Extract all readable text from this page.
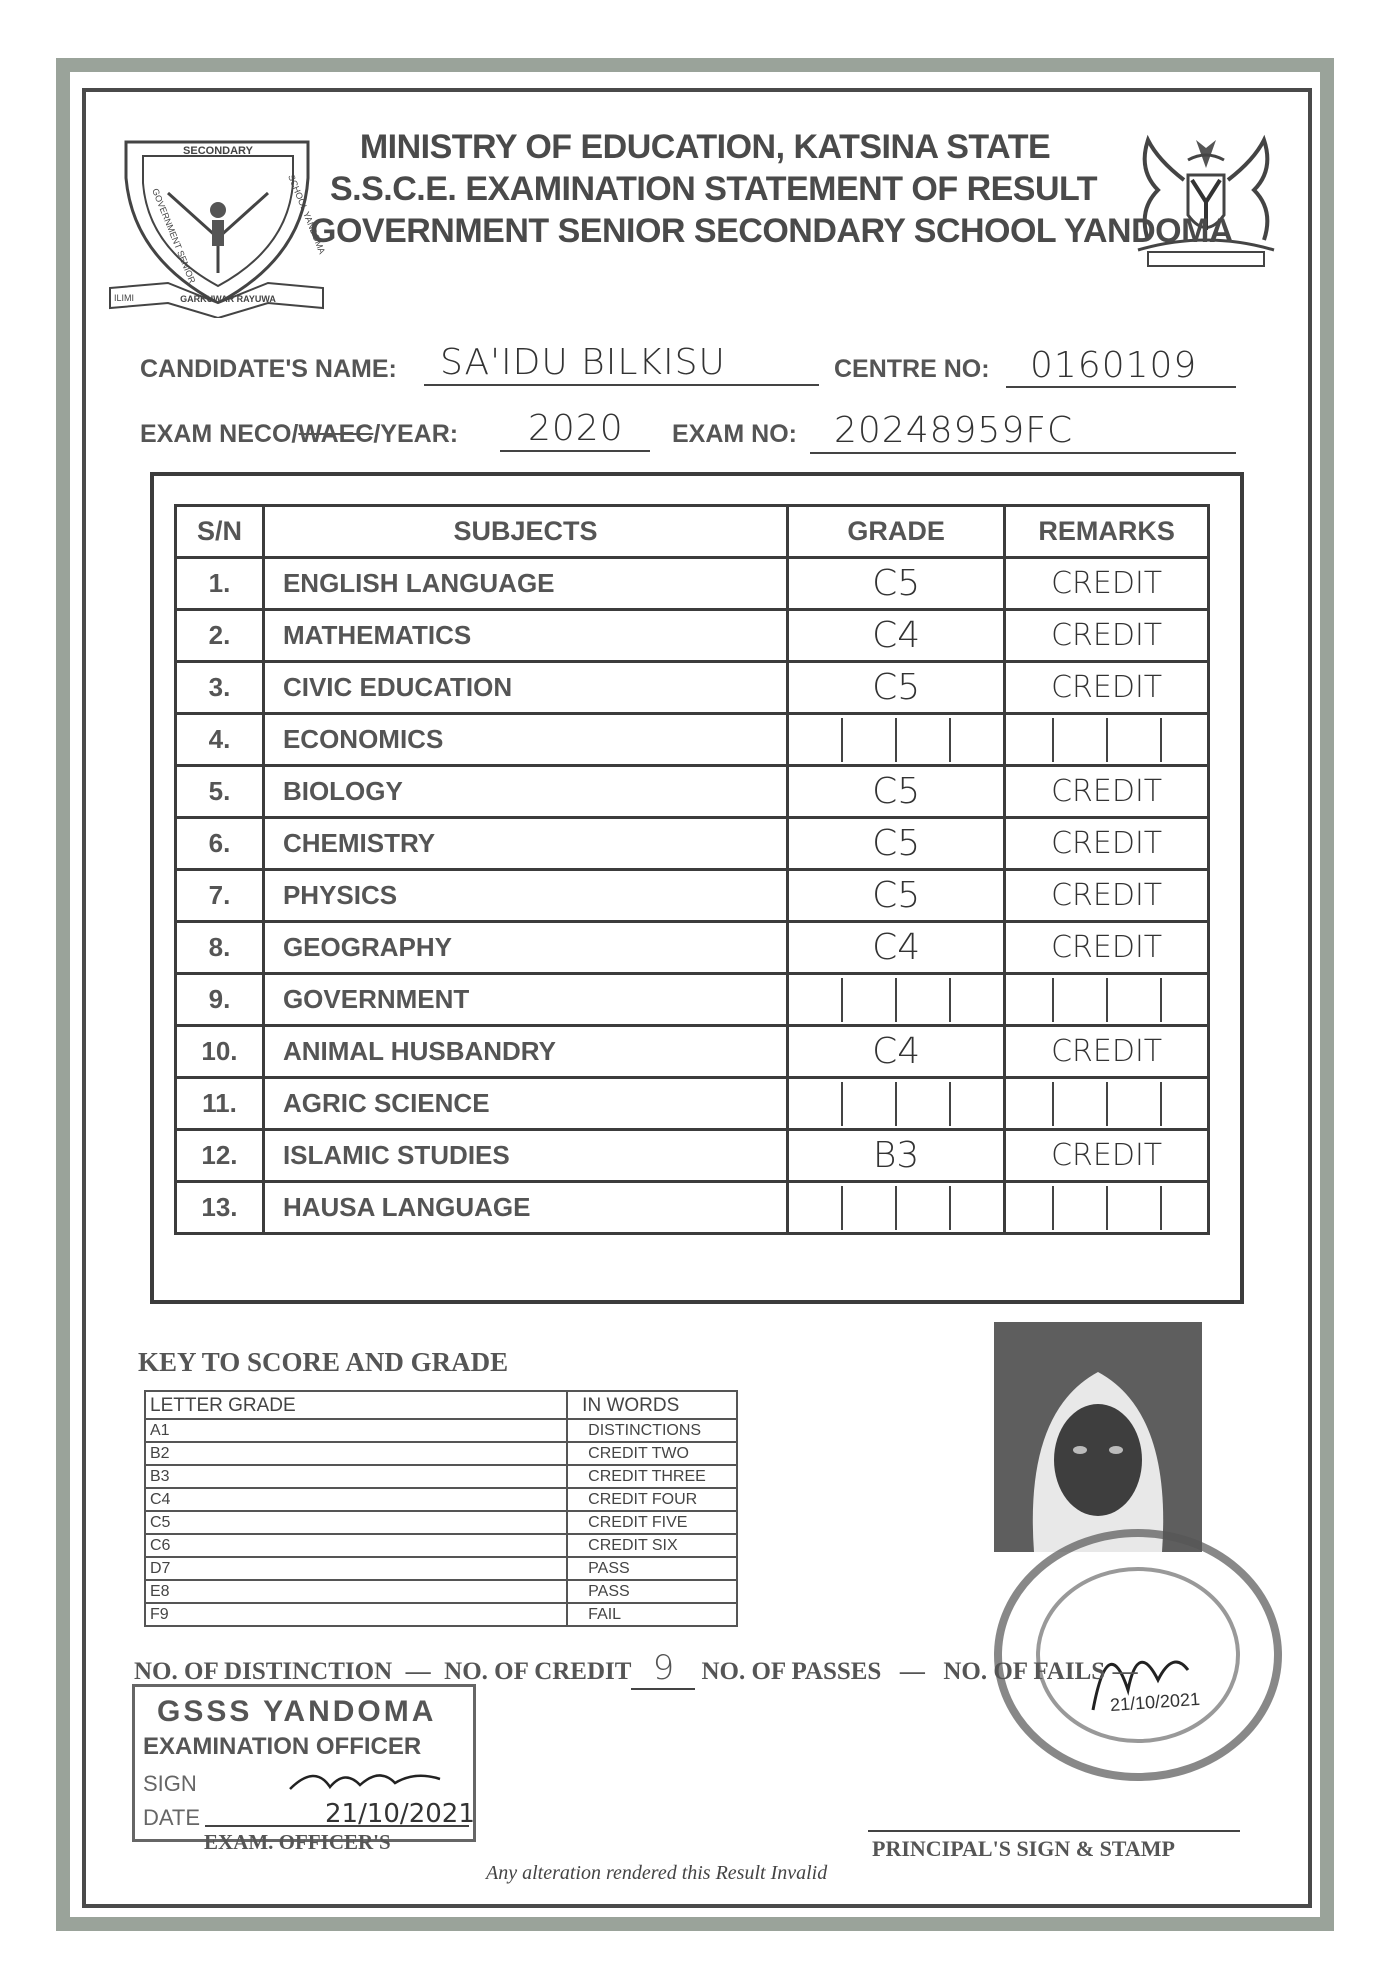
SECONDARY
ILIMI	GARKUWAR RAYUWA
GOVERNMENT SENIOR	SCHOOL YANDOMA
MINISTRY OF EDUCATION, KATSINA STATE
S.S.C.E. EXAMINATION STATEMENT OF RESULT
GOVERNMENT SENIOR SECONDARY SCHOOL YANDOMA
CANDIDATE'S NAME: SA'IDU BILKISU	CENTRE NO: 0160109
EXAM NECO/WAEC/YEAR: 2020 EXAM NO: 20248959FC
S/N	SUBJECTS	GRADE	REMARKS
1.	ENGLISH LANGUAGE	C5	CREDIT
2.	MATHEMATICS	C4	CREDIT
3.	CIVIC EDUCATION	C5	CREDIT
4.	ECONOMICS		
5.	BIOLOGY	C5	CREDIT
6.	CHEMISTRY	C5	CREDIT
7.	PHYSICS	C5	CREDIT
8.	GEOGRAPHY	C4	CREDIT
9.	GOVERNMENT		
10.	ANIMAL HUSBANDRY	C4	CREDIT
11.	AGRIC SCIENCE		
12.	ISLAMIC STUDIES	B3	CREDIT
13.	HAUSA LANGUAGE		
KEY TO SCORE AND GRADE
LETTER GRADE	IN WORDS
A1	DISTINCTIONS
B2	CREDIT TWO
B3	CREDIT THREE
C4	CREDIT FOUR
C5	CREDIT FIVE
C6	CREDIT SIX
D7	PASS
E8	PASS
F9	FAIL
21/10/2021
NO. OF DISTINCTION — NO. OF CREDIT 9 NO. OF PASSES — NO. OF FAILS —
GSSS YANDOMA
EXAMINATION OFFICER
SIGN
DATE	21/10/2021
EXAM. OFFICER'S	PRINCIPAL'S SIGN & STAMP
Any alteration rendered this Result Invalid
